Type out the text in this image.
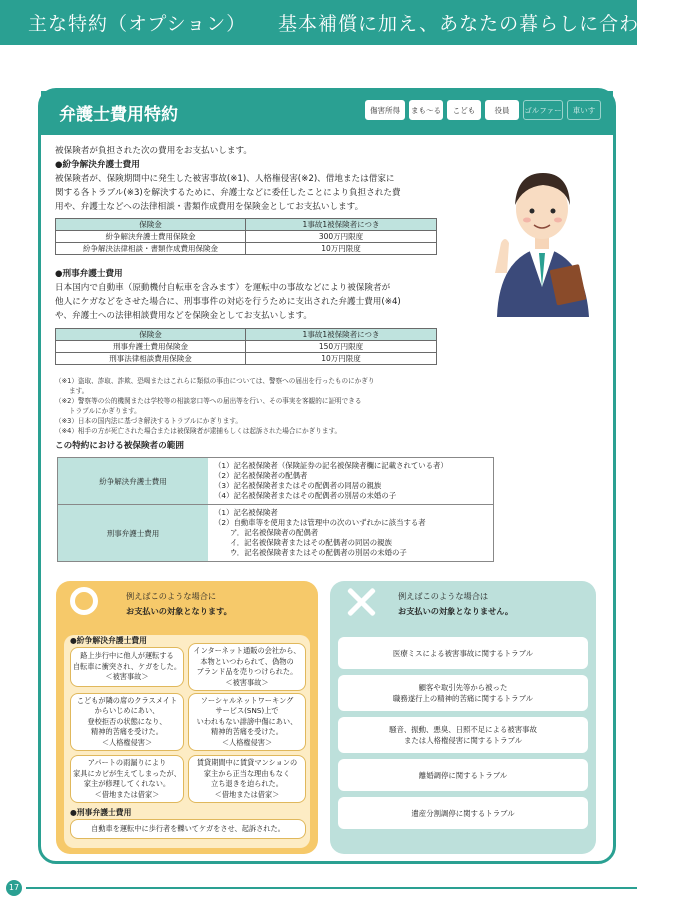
主な特約（オプション） 基本補償に加え、あなたの暮らしに合わせて、
弁護士費用特約	傷害所得	まも〜る	こども	役員	ゴルファー	車いす
被保険者が負担された次の費用をお支払いします。
●紛争解決弁護士費用
被保険者が、保険期間中に発生した被害事故(※1)、人格権侵害(※2)、借地または借家に
関する各トラブル(※3)を解決するために、弁護士などに委任したことにより負担された費
用や、弁護士などへの法律相談・書類作成費用を保険金としてお支払いします。
保険金	1事故1被保険者につき
紛争解決弁護士費用保険金	300万円限度
紛争解決法律相談・書類作成費用保険金	10万円限度
●刑事弁護士費用
日本国内で自動車（原動機付自転車を含みます）を運転中の事故などにより被保険者が
他人にケガなどをさせた場合に、刑事事件の対応を行うために支出された弁護士費用(※4)
や、弁護士への法律相談費用などを保険金としてお支払いします。
保険金	1事故1被保険者につき
刑事弁護士費用保険金	150万円限度
刑事法律相談費用保険金	10万円限度
（※1）盗取、詐取、詐欺、恐喝またはこれらに類似の事由については、警察への届出を行ったものにかぎり
ます。
（※2）警察等の公的機関または学校等の相談窓口等への届出等を行い、その事実を客観的に証明できる
トラブルにかぎります。
（※3）日本の国内法に基づき解決するトラブルにかぎります。
（※4）相手の方が死亡された場合または被保険者が逮捕もしくは起訴された場合にかぎります。
この特約における被保険者の範囲
紛争解決弁護士費用
（1）記名被保険者（保険証券の記名被保険者欄に記載されている者）
（2）記名被保険者の配偶者
（3）記名被保険者またはその配偶者の同居の親族
（4）記名被保険者またはその配偶者の別居の未婚の子
刑事弁護士費用
（1）記名被保険者
（2）自動車等を使用または管理中の次のいずれかに該当する者
ア．記名被保険者の配偶者
イ．記名被保険者またはその配偶者の同居の親族
ウ．記名被保険者またはその配偶者の別居の未婚の子
例えばこのような場合に
お支払いの対象となります。
●紛争解決弁護士費用
路上歩行中に他人が運転する
自転車に衝突され、ケガをした。
＜被害事故＞
インターネット通販の会社から、
本物といつわられて、偽物の
ブランド品を売りつけられた。
＜被害事故＞
こどもが隣の席のクラスメイト
からいじめにあい、
登校拒否の状態になり、
精神的苦痛を受けた。
＜人格権侵害＞
ソーシャルネットワーキング
サービス(SNS)上で
いわれもない誹謗中傷にあい、
精神的苦痛を受けた。
＜人格権侵害＞
アパートの雨漏りにより
家具にカビが生えてしまったが、
家主が修理してくれない。
＜借地または借家＞
賃貸期間中に賃貸マンションの
家主から正当な理由もなく
立ち退きを迫られた。
＜借地または借家＞
●刑事弁護士費用
自動車を運転中に歩行者を轢いてケガをさせ、起訴された。
例えばこのような場合は
お支払いの対象となりません。
医療ミスによる被害事故に関するトラブル
顧客や取引先等から被った
職務遂行上の精神的苦痛に関するトラブル
騒音、振動、悪臭、日照不足による被害事故
または人格権侵害に関するトラブル
離婚調停に関するトラブル
遺産分割調停に関するトラブル
17
